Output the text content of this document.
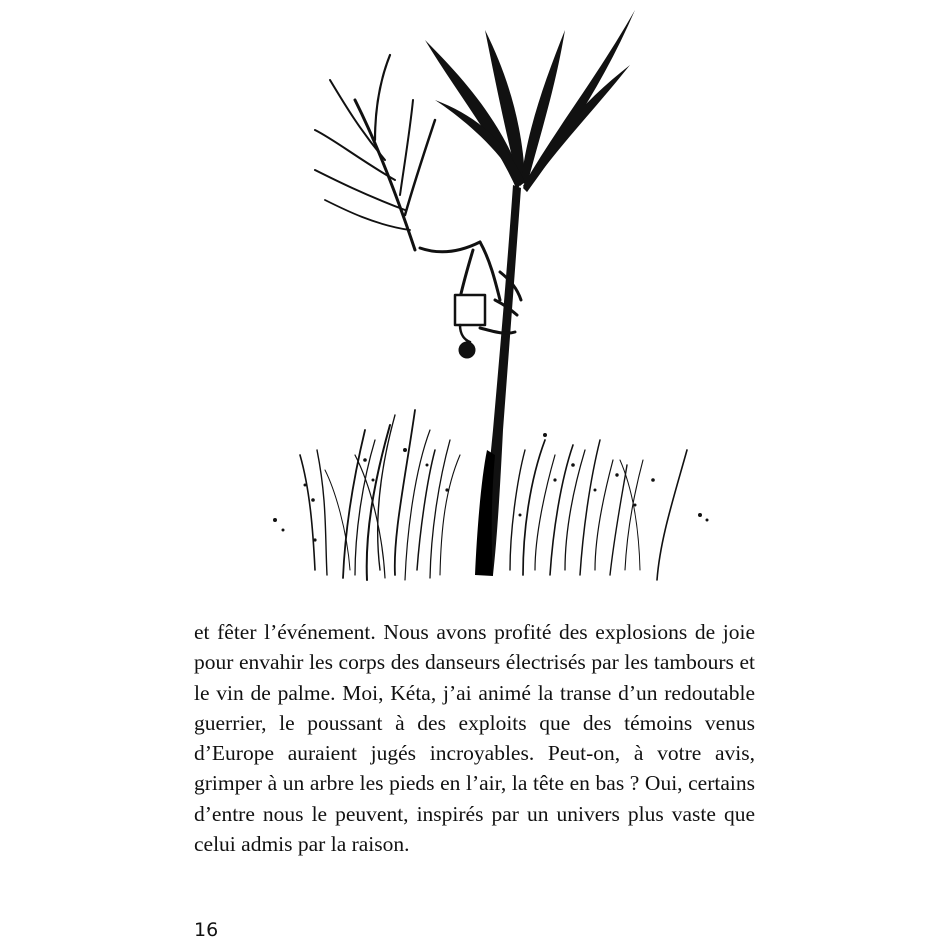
et fêter l’événement. Nous avons profité des explosions de joie pour envahir les corps des danseurs électrisés par les tambours et le vin de palme. Moi, Kéta, j’ai animé la transe d’un redoutable guerrier, le poussant à des exploits que des témoins venus d’Europe auraient jugés incroyables. Peut-on, à votre avis, grimper à un arbre les pieds en l’air, la tête en bas ? Oui, certains d’entre nous le peuvent, inspirés par un univers plus vaste que celui admis par la raison.

16
